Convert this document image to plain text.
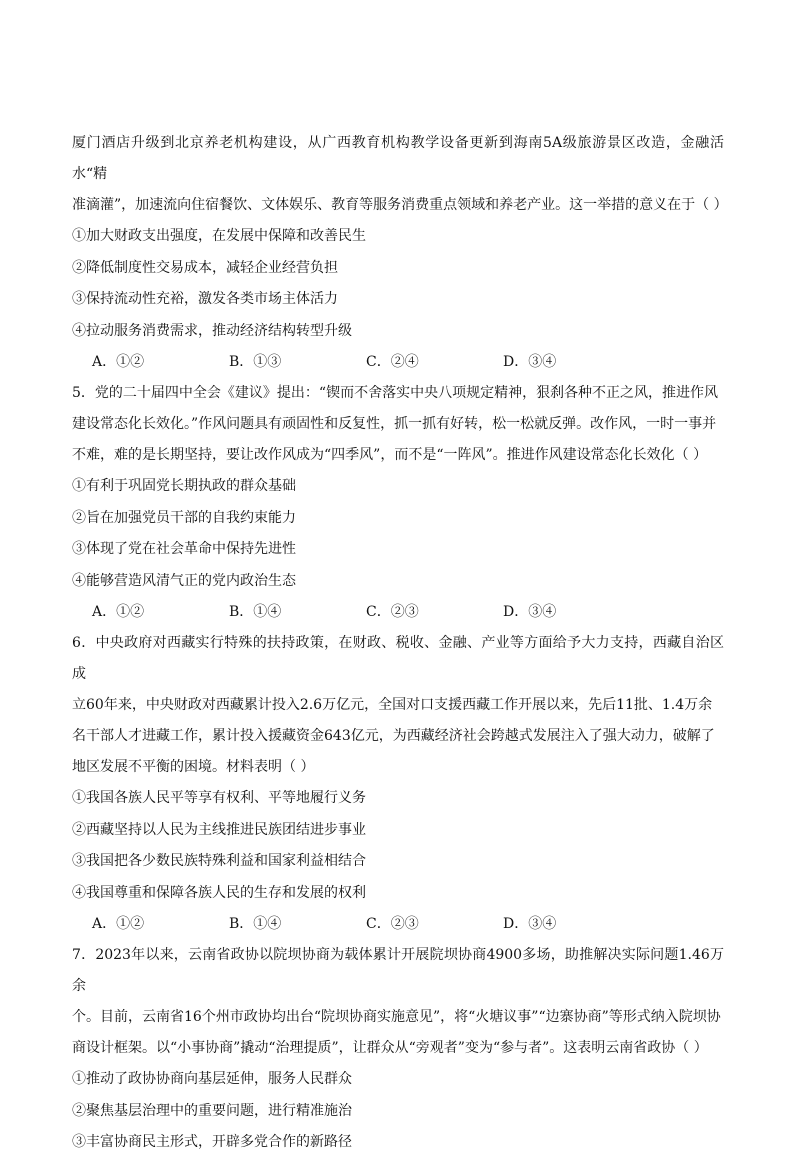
厦门酒店升级到北京养老机构建设，从广西教育机构教学设备更新到海南5A级旅游景区改造，金融活水“精

准滴灌”，加速流向住宿餐饮、文体娱乐、教育等服务消费重点领域和养老产业。这一举措的意义在于（ ）

①加大财政支出强度，在发展中保障和改善民生

②降低制度性交易成本，减轻企业经营负担

③保持流动性充裕，激发各类市场主体活力

④拉动服务消费需求，推动经济结构转型升级

A．①②	B．①③	C．②④	D．③④

5．党的二十届四中全会《建议》提出：“锲而不舍落实中央八项规定精神，狠刹各种不正之风，推进作风

建设常态化长效化。”作风问题具有顽固性和反复性，抓一抓有好转，松一松就反弹。改作风，一时一事并

不难，难的是长期坚持，要让改作风成为“四季风”，而不是“一阵风”。推进作风建设常态化长效化（ ）

①有利于巩固党长期执政的群众基础

②旨在加强党员干部的自我约束能力

③体现了党在社会革命中保持先进性

④能够营造风清气正的党内政治生态

A．①②	B．①④	C．②③	D．③④

6．中央政府对西藏实行特殊的扶持政策，在财政、税收、金融、产业等方面给予大力支持，西藏自治区成

立60年来，中央财政对西藏累计投入2.6万亿元，全国对口支援西藏工作开展以来，先后11批、1.4万余

名干部人才进藏工作，累计投入援藏资金643亿元，为西藏经济社会跨越式发展注入了强大动力，破解了

地区发展不平衡的困境。材料表明（ ）

①我国各族人民平等享有权利、平等地履行义务

②西藏坚持以人民为主线推进民族团结进步事业

③我国把各少数民族特殊利益和国家利益相结合

④我国尊重和保障各族人民的生存和发展的权利

A．①②	B．①④	C．②③	D．③④

7．2023年以来，云南省政协以院坝协商为载体累计开展院坝协商4900多场，助推解决实际问题1.46万余

个。目前，云南省16个州市政协均出台“院坝协商实施意见”，将“火塘议事”“边寨协商”等形式纳入院坝协

商设计框架。以“小事协商”撬动“治理提质”，让群众从“旁观者”变为“参与者”。这表明云南省政协（ ）

①推动了政协协商向基层延伸，服务人民群众

②聚焦基层治理中的重要问题，进行精准施治

③丰富协商民主形式，开辟多党合作的新路径
